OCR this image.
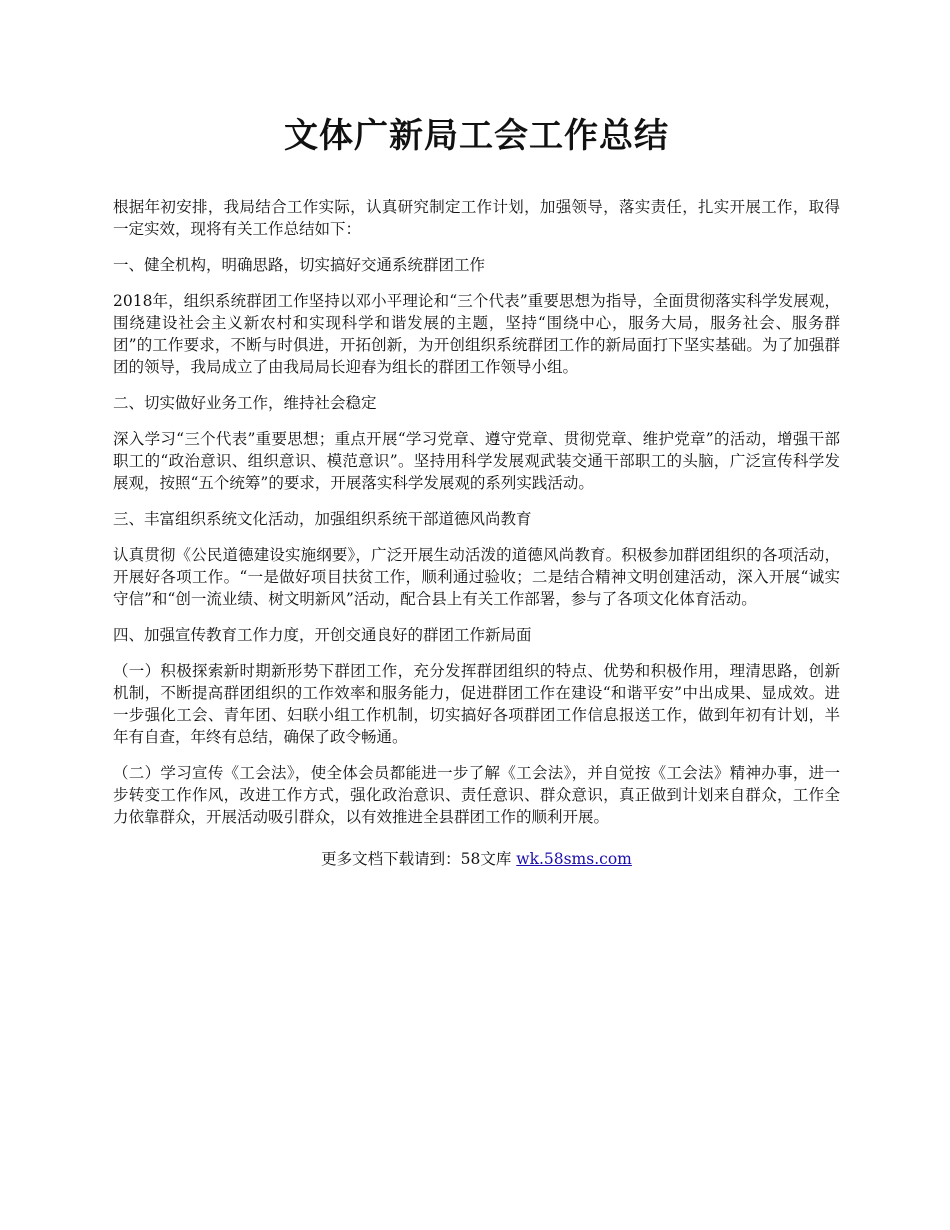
文体广新局工会工作总结

根据年初安排，我局结合工作实际，认真研究制定工作计划，加强领导，落实责任，扎实开展工作，取得一定实效，现将有关工作总结如下：

一、健全机构，明确思路，切实搞好交通系统群团工作

2018年，组织系统群团工作坚持以邓小平理论和“三个代表”重要思想为指导，全面贯彻落实科学发展观，围绕建设社会主义新农村和实现科学和谐发展的主题，坚持“围绕中心，服务大局，服务社会、服务群团”的工作要求，不断与时俱进，开拓创新，为开创组织系统群团工作的新局面打下坚实基础。为了加强群团的领导，我局成立了由我局局长迎春为组长的群团工作领导小组。

二、切实做好业务工作，维持社会稳定

深入学习“三个代表”重要思想；重点开展“学习党章、遵守党章、贯彻党章、维护党章”的活动，增强干部职工的“政治意识、组织意识、模范意识”。坚持用科学发展观武装交通干部职工的头脑，广泛宣传科学发展观，按照“五个统筹”的要求，开展落实科学发展观的系列实践活动。

三、丰富组织系统文化活动，加强组织系统干部道德风尚教育

认真贯彻《公民道德建设实施纲要》，广泛开展生动活泼的道德风尚教育。积极参加群团组织的各项活动，开展好各项工作。“一是做好项目扶贫工作，顺利通过验收；二是结合精神文明创建活动，深入开展“诚实守信”和“创一流业绩、树文明新风”活动，配合县上有关工作部署，参与了各项文化体育活动。

四、加强宣传教育工作力度，开创交通良好的群团工作新局面

（一）积极探索新时期新形势下群团工作，充分发挥群团组织的特点、优势和积极作用，理清思路，创新机制，不断提高群团组织的工作效率和服务能力，促进群团工作在建设“和谐平安”中出成果、显成效。进一步强化工会、青年团、妇联小组工作机制，切实搞好各项群团工作信息报送工作，做到年初有计划，半年有自查，年终有总结，确保了政令畅通。

（二）学习宣传《工会法》，使全体会员都能进一步了解《工会法》，并自觉按《工会法》精神办事，进一步转变工作作风，改进工作方式，强化政治意识、责任意识、群众意识，真正做到计划来自群众，工作全力依靠群众，开展活动吸引群众，以有效推进全县群团工作的顺利开展。

更多文档下载请到：58文库 wk.58sms.com
